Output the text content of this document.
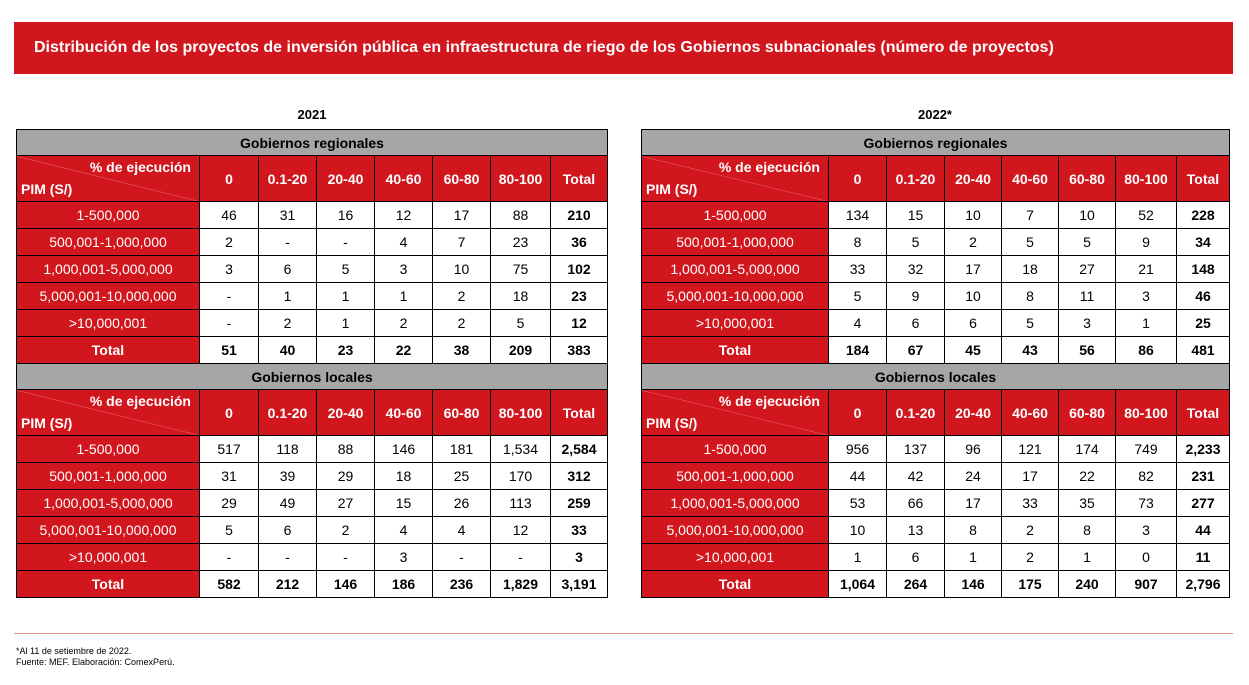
Distribución de los proyectos de inversión pública en infraestructura de riego de los Gobiernos subnacionales (número de proyectos)
2021	2022*
Gobiernos regionales							

% de ejecución
PIM (S/)	0	0.1-20	20-40	40-60	60-80	80-100	Total
1-500,000	46	31	16	12	17	88	210
500,001-1,000,000	2	-	-	4	7	23	36
1,000,001-5,000,000	3	6	5	3	10	75	102
5,000,001-10,000,000	-	1	1	1	2	18	23
>10,000,001	-	2	1	2	2	5	12
Total	51	40	23	22	38	209	383
Gobiernos locales							

% de ejecución
PIM (S/)	0	0.1-20	20-40	40-60	60-80	80-100	Total
1-500,000	517	118	88	146	181	1,534	2,584
500,001-1,000,000	31	39	29	18	25	170	312
1,000,001-5,000,000	29	49	27	15	26	113	259
5,000,001-10,000,000	5	6	2	4	4	12	33
>10,000,001	-	-	-	3	-	-	3
Total	582	212	146	186	236	1,829	3,191
Gobiernos regionales							

% de ejecución
PIM (S/)	0	0.1-20	20-40	40-60	60-80	80-100	Total
1-500,000	134	15	10	7	10	52	228
500,001-1,000,000	8	5	2	5	5	9	34
1,000,001-5,000,000	33	32	17	18	27	21	148
5,000,001-10,000,000	5	9	10	8	11	3	46
>10,000,001	4	6	6	5	3	1	25
Total	184	67	45	43	56	86	481
Gobiernos locales							

% de ejecución
PIM (S/)	0	0.1-20	20-40	40-60	60-80	80-100	Total
1-500,000	956	137	96	121	174	749	2,233
500,001-1,000,000	44	42	24	17	22	82	231
1,000,001-5,000,000	53	66	17	33	35	73	277
5,000,001-10,000,000	10	13	8	2	8	3	44
>10,000,001	1	6	1	2	1	0	11
Total	1,064	264	146	175	240	907	2,796
*Al 11 de setiembre de 2022.
Fuente: MEF. Elaboración: ComexPerú.
